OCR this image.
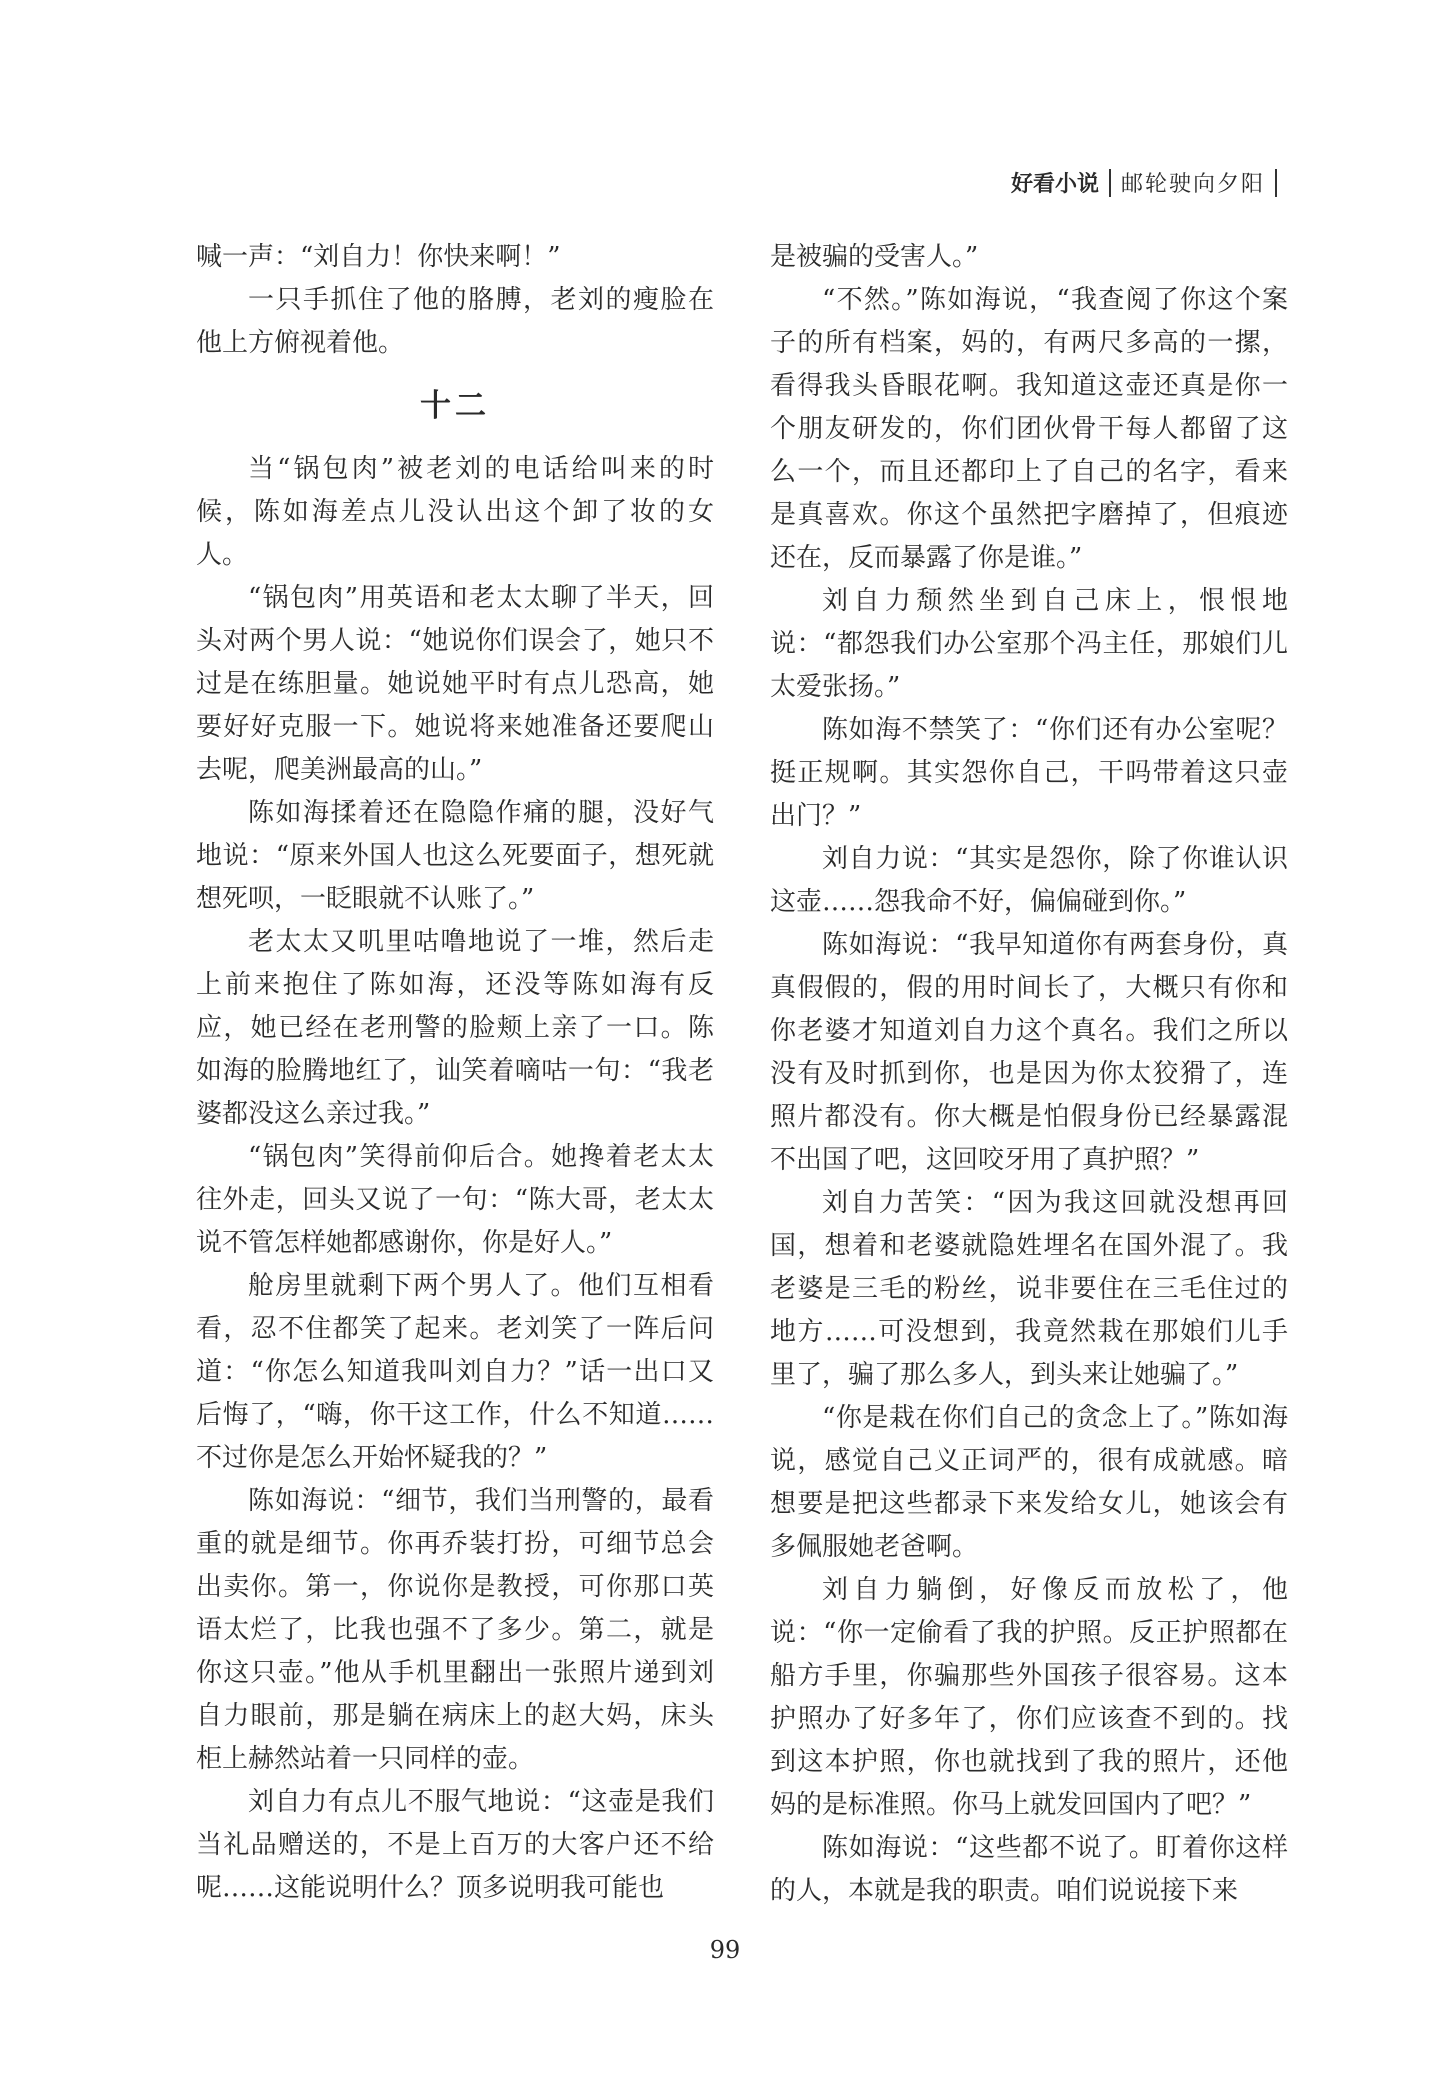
好看小说 邮轮驶向夕阳

喊一声：“刘自力！你快来啊！”

一只手抓住了他的胳膊，老刘的瘦脸在他上方俯视着他。

十二

当“锅包肉”被老刘的电话给叫来的时候，陈如海差点儿没认出这个卸了妆的女人。

“锅包肉”用英语和老太太聊了半天，回头对两个男人说：“她说你们误会了，她只不过是在练胆量。她说她平时有点儿恐高，她要好好克服一下。她说将来她准备还要爬山去呢，爬美洲最高的山。”

陈如海揉着还在隐隐作痛的腿，没好气地说：“原来外国人也这么死要面子，想死就想死呗，一眨眼就不认账了。”

老太太又叽里咕噜地说了一堆，然后走上前来抱住了陈如海，还没等陈如海有反应，她已经在老刑警的脸颊上亲了一口。陈如海的脸腾地红了，讪笑着嘀咕一句：“我老婆都没这么亲过我。”

“锅包肉”笑得前仰后合。她搀着老太太往外走，回头又说了一句：“陈大哥，老太太说不管怎样她都感谢你，你是好人。”

舱房里就剩下两个男人了。他们互相看看，忍不住都笑了起来。老刘笑了一阵后问道：“你怎么知道我叫刘自力？”话一出口又后悔了，“嗨，你干这工作，什么不知道……不过你是怎么开始怀疑我的？”

陈如海说：“细节，我们当刑警的，最看重的就是细节。你再乔装打扮，可细节总会出卖你。第一，你说你是教授，可你那口英语太烂了，比我也强不了多少。第二，就是你这只壶。”他从手机里翻出一张照片递到刘自力眼前，那是躺在病床上的赵大妈，床头柜上赫然站着一只同样的壶。

刘自力有点儿不服气地说：“这壶是我们当礼品赠送的，不是上百万的大客户还不给呢……这能说明什么？顶多说明我可能也

是被骗的受害人。”

“不然。”陈如海说，“我查阅了你这个案子的所有档案，妈的，有两尺多高的一摞，看得我头昏眼花啊。我知道这壶还真是你一个朋友研发的，你们团伙骨干每人都留了这么一个，而且还都印上了自己的名字，看来是真喜欢。你这个虽然把字磨掉了，但痕迹还在，反而暴露了你是谁。”

刘自力颓然坐到自己床上，恨恨地说：“都怨我们办公室那个冯主任，那娘们儿太爱张扬。”

陈如海不禁笑了：“你们还有办公室呢？挺正规啊。其实怨你自己，干吗带着这只壶出门？”

刘自力说：“其实是怨你，除了你谁认识这壶……怨我命不好，偏偏碰到你。”

陈如海说：“我早知道你有两套身份，真真假假的，假的用时间长了，大概只有你和你老婆才知道刘自力这个真名。我们之所以没有及时抓到你，也是因为你太狡猾了，连照片都没有。你大概是怕假身份已经暴露混不出国了吧，这回咬牙用了真护照？”

刘自力苦笑：“因为我这回就没想再回国，想着和老婆就隐姓埋名在国外混了。我老婆是三毛的粉丝，说非要住在三毛住过的地方……可没想到，我竟然栽在那娘们儿手里了，骗了那么多人，到头来让她骗了。”

“你是栽在你们自己的贪念上了。”陈如海说，感觉自己义正词严的，很有成就感。暗想要是把这些都录下来发给女儿，她该会有多佩服她老爸啊。

刘自力躺倒，好像反而放松了，他说：“你一定偷看了我的护照。反正护照都在船方手里，你骗那些外国孩子很容易。这本护照办了好多年了，你们应该查不到的。找到这本护照，你也就找到了我的照片，还他妈的是标准照。你马上就发回国内了吧？”

陈如海说：“这些都不说了。盯着你这样的人，本就是我的职责。咱们说说接下来

99
